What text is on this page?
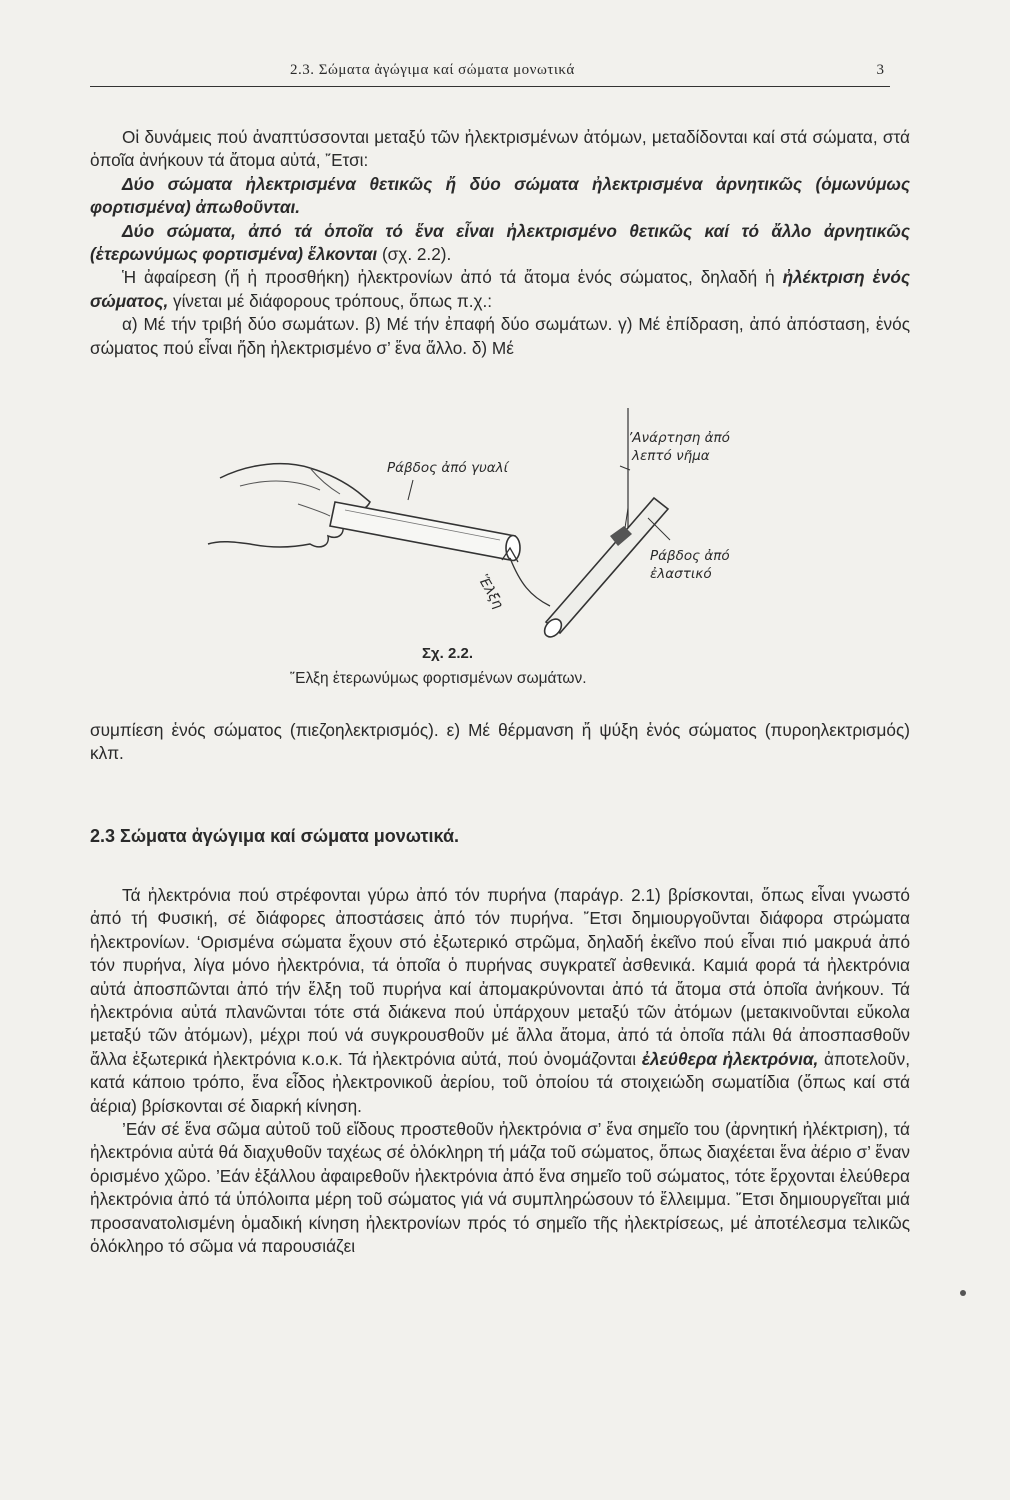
2.3. Σώματα ἀγώγιμα καί σώματα μονωτικά	3

Οἱ δυνάμεις πού ἀναπτύσσονται μεταξύ τῶν ἠλεκτρισμένων ἀτόμων, μεταδίδονται καί στά σώματα, στά ὁποῖα ἀνήκουν τά ἄτομα αὐτά, ῎Ετσι:

Δύο σώματα ἠλεκτρισμένα θετικῶς ἤ δύο σώματα ἠλεκτρισμένα ἀρνητικῶς (ὁμωνύμως φορτισμένα) ἀπωθοῦνται.

Δύο σώματα, ἀπό τά ὁποῖα τό ἕνα εἶναι ἠλεκτρισμένο θετικῶς καί τό ἄλλο ἀρνητικῶς (ἑτερωνύμως φορτισμένα) ἕλκονται (σχ. 2.2).

Ἡ ἀφαίρεση (ἤ ἡ προσθήκη) ἠλεκτρονίων ἀπό τά ἄτομα ἑνός σώματος, δηλαδή ἡ ἠλέκτριση ἑνός σώματος, γίνεται μέ διάφορους τρόπους, ὅπως π.χ.:

α) Μέ τήν τριβή δύο σωμάτων. β) Μέ τήν ἐπαφή δύο σωμάτων. γ) Μέ ἐπίδραση, ἀπό ἀπόσταση, ἑνός σώματος πού εἶναι ἤδη ἠλεκτρισμένο σ’ ἕνα ἄλλο. δ) Μέ

Ράβδος ἀπό γυαλί
’Ανάρτηση ἀπό
λεπτό νῆμα
Ράβδος ἀπό
ἐλαστικό
Ἕλξη
Σχ. 2.2.
῞Ελξη ἑτερωνύμως φορτισμένων σωμάτων.

συμπίεση ἑνός σώματος (πιεζοηλεκτρισμός). ε) Μέ θέρμανση ἤ ψύξη ἑνός σώματος (πυροηλεκτρισμός) κλπ.

2.3 Σώματα ἀγώγιμα καί σώματα μονωτικά.

Τά ἠλεκτρόνια πού στρέφονται γύρω ἀπό τόν πυρήνα (παράγρ. 2.1) βρίσκονται, ὅπως εἶναι γνωστό ἀπό τή Φυσική, σέ διάφορες ἀποστάσεις ἀπό τόν πυρήνα. ῎Ετσι δημιουργοῦνται διάφορα στρώματα ἠλεκτρονίων. ‘Ορισμένα σώματα ἔχουν στό ἐξωτερικό στρῶμα, δηλαδή ἐκεῖνο πού εἶναι πιό μακρυά ἀπό τόν πυρήνα, λίγα μόνο ἠλεκτρόνια, τά ὁποῖα ὁ πυρήνας συγκρατεῖ ἀσθενικά. Καμιά φορά τά ἠλεκτρόνια αὐτά ἀποσπῶνται ἀπό τήν ἕλξη τοῦ πυρήνα καί ἀπομακρύνονται ἀπό τά ἄτομα στά ὁποῖα ἀνήκουν. Τά ἠλεκτρόνια αὐτά πλανῶνται τότε στά διάκενα πού ὑπάρχουν μεταξύ τῶν ἀτόμων (μετακινοῦνται εὔκολα μεταξύ τῶν ἀτόμων), μέχρι πού νά συγκρουσθοῦν μέ ἄλλα ἄτομα, ἀπό τά ὁποῖα πάλι θά ἀποσπασθοῦν ἄλλα ἐξωτερικά ἠλεκτρόνια κ.ο.κ. Τά ἠλεκτρόνια αὐτά, πού ὀνομάζονται ἐλεύθερα ἠλεκτρόνια, ἀποτελοῦν, κατά κάποιο τρόπο, ἕνα εἶδος ἠλεκτρονικοῦ ἀερίου, τοῦ ὁποίου τά στοιχειώδη σωματίδια (ὅπως καί στά ἀέρια) βρίσκονται σέ διαρκή κίνηση.

’Εάν σέ ἕνα σῶμα αὐτοῦ τοῦ εἴδους προστεθοῦν ἠλεκτρόνια σ’ ἕνα σημεῖο του (ἀρνητική ἠλέκτριση), τά ἠλεκτρόνια αὐτά θά διαχυθοῦν ταχέως σέ ὁλόκληρη τή μάζα τοῦ σώματος, ὅπως διαχέεται ἕνα ἀέριο σ’ ἕναν ὁρισμένο χῶρο. ’Εάν ἐξάλλου ἀφαιρεθοῦν ἠλεκτρόνια ἀπό ἕνα σημεῖο τοῦ σώματος, τότε ἔρχονται ἐλεύθερα ἠλεκτρόνια ἀπό τά ὑπόλοιπα μέρη τοῦ σώματος γιά νά συμπληρώσουν τό ἔλλειμμα. ῎Ετσι δημιουργεῖται μιά προσανατολισμένη ὁμαδική κίνηση ἠλεκτρονίων πρός τό σημεῖο τῆς ἠλεκτρίσεως, μέ ἀποτέλεσμα τελικῶς ὁλόκληρο τό σῶμα νά παρουσιάζει
